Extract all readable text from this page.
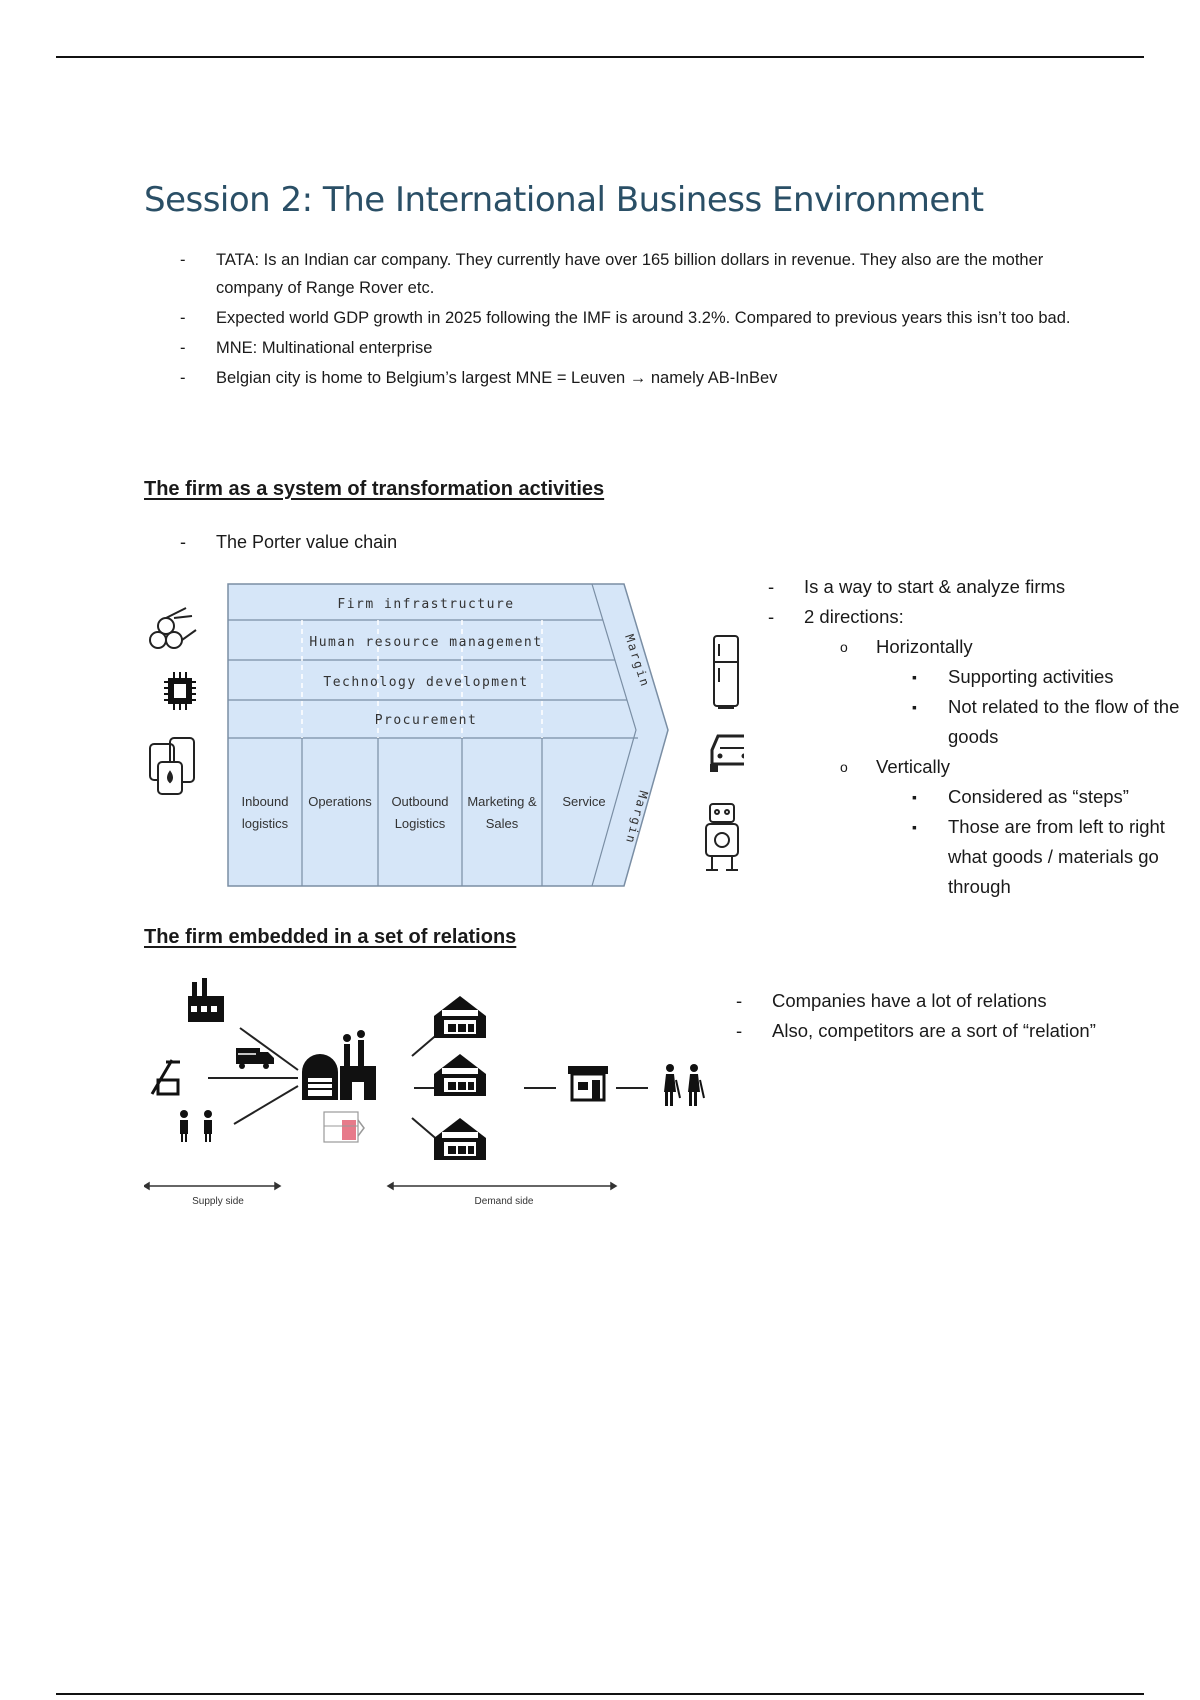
Session 2: The International Business Environment
- TATA: Is an Indian car company. They currently have over 165 billion dollars in revenue. They also are the mother company of Range Rover etc.
- Expected world GDP growth in 2025 following the IMF is around 3.2%. Compared to previous years this isn’t too bad.
- MNE: Multinational enterprise
- Belgian city is home to Belgium’s largest MNE = Leuven → namely AB-InBev
The firm as a system of transformation activities
- The Porter value chain
Firm infrastructure
Human resource management
Technology development
Procurement
Inbound
logistics
Operations Outbound
Logistics
Marketing &
Sales
Service
Margin
Margin
- Is a way to start & analyze firms
- 2 directions:
o Horizontally
▪ Supporting activities
▪ Not related to the flow of the goods
o Vertically
▪ Considered as “steps”
▪ Those are from left to right what goods / materials go through
The firm embedded in a set of relations
Supply side	Demand side
- Companies have a lot of relations
- Also, competitors are a sort of “relation”
